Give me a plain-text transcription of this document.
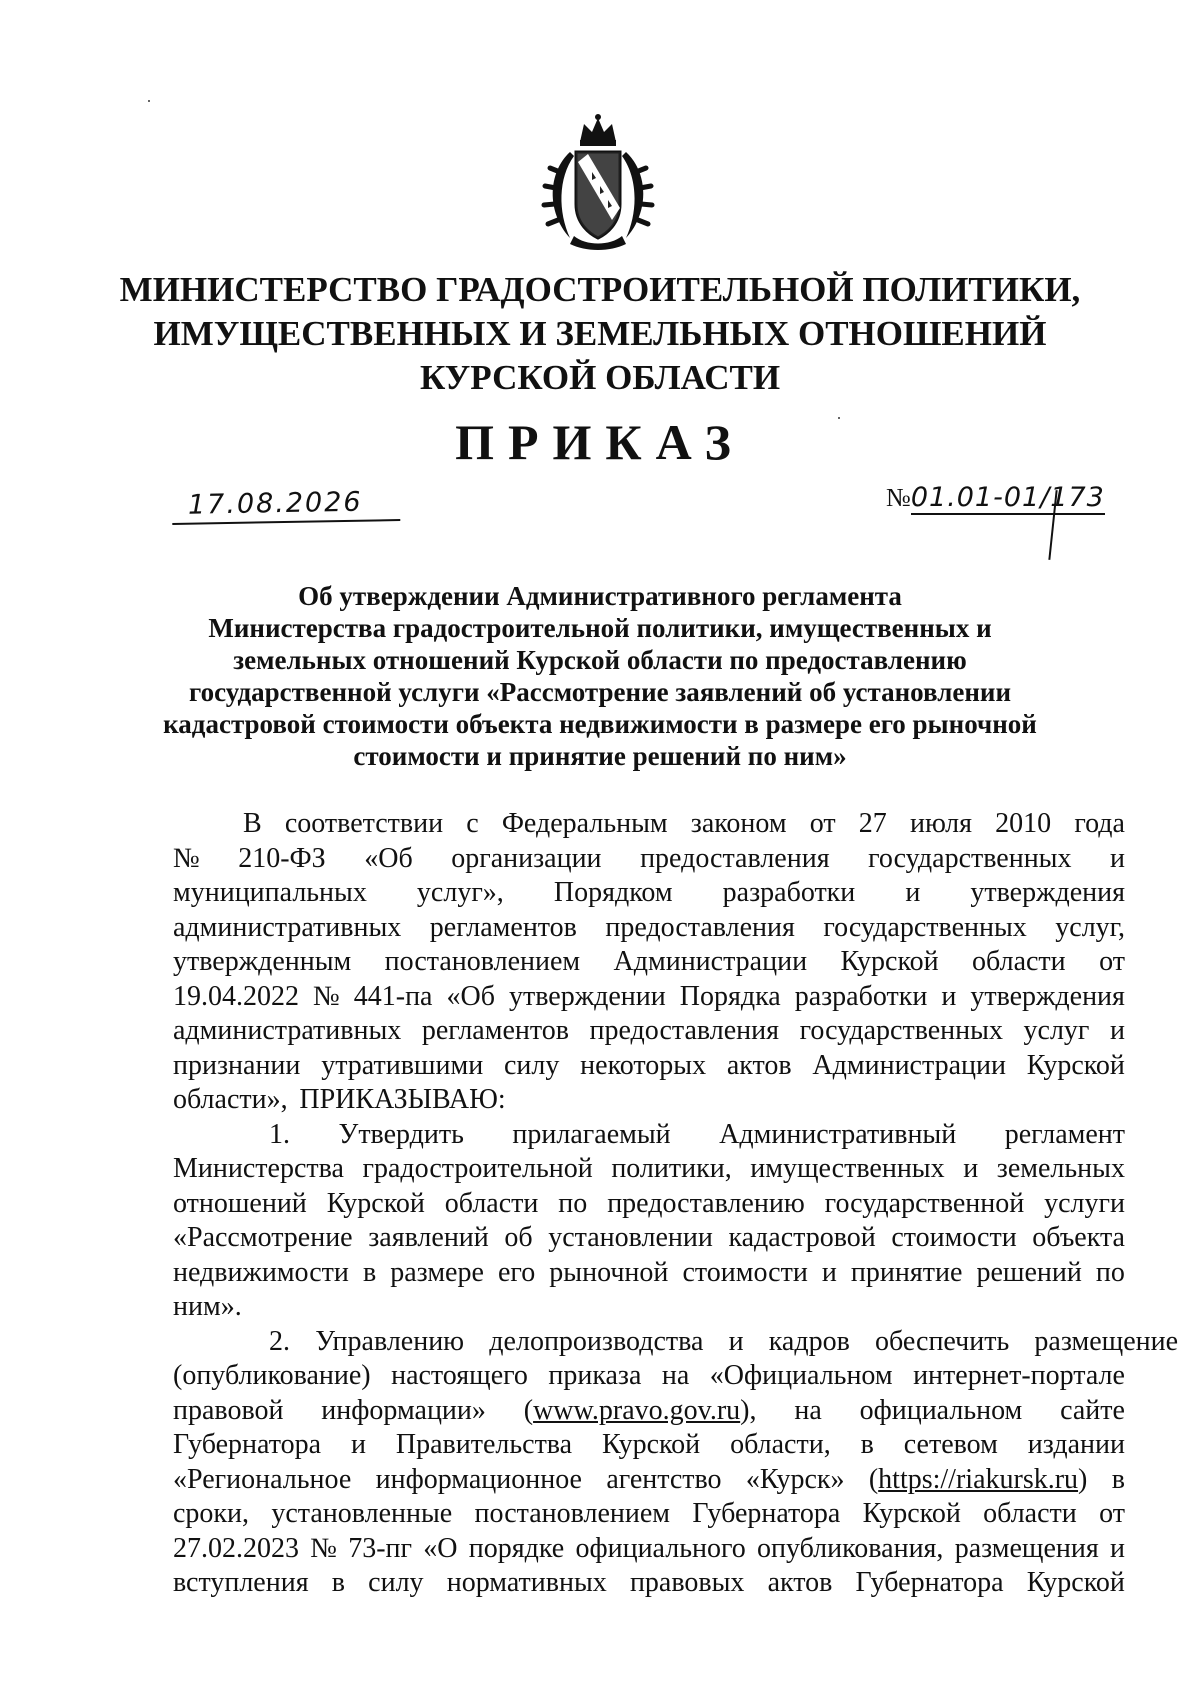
МИНИСТЕРСТВО ГРАДОСТРОИТЕЛЬНОЙ ПОЛИТИКИ,
ИМУЩЕСТВЕННЫХ И ЗЕМЕЛЬНЫХ ОТНОШЕНИЙ
КУРСКОЙ ОБЛАСТИ
ПРИКАЗ
17.08.2026	№01.01-01/173
Об утверждении Административного регламента
Министерства градостроительной политики, имущественных и
земельных отношений Курской области по предоставлению
государственной услуги «Рассмотрение заявлений об установлении
кадастровой стоимости объекта недвижимости в размере его рыночной
стоимости и принятие решений по ним»
В соответствии с Федеральным законом от 27 июля 2010 года
№ 210-ФЗ «Об организации предоставления государственных и
муниципальных услуг», Порядком разработки и утверждения
административных регламентов предоставления государственных услуг,
утвержденным постановлением Администрации Курской области от
19.04.2022 № 441-па «Об утверждении Порядка разработки и утверждения
административных регламентов предоставления государственных услуг и
признании утратившими силу некоторых актов Администрации Курской
области», ПРИКАЗЫВАЮ:
1. Утвердить прилагаемый Административный регламент
Министерства градостроительной политики, имущественных и земельных
отношений Курской области по предоставлению государственной услуги
«Рассмотрение заявлений об установлении кадастровой стоимости объекта
недвижимости в размере его рыночной стоимости и принятие решений по
ним».
2. Управлению делопроизводства и кадров обеспечить размещение
(опубликование) настоящего приказа на «Официальном интернет-портале
правовой информации» (www.pravo.gov.ru), на официальном сайте
Губернатора и Правительства Курской области, в сетевом издании
«Региональное информационное агентство «Курск» (https://riakursk.ru) в
сроки, установленные постановлением Губернатора Курской области от
27.02.2023 № 73-пг «О порядке официального опубликования, размещения и
вступления в силу нормативных правовых актов Губернатора Курской
